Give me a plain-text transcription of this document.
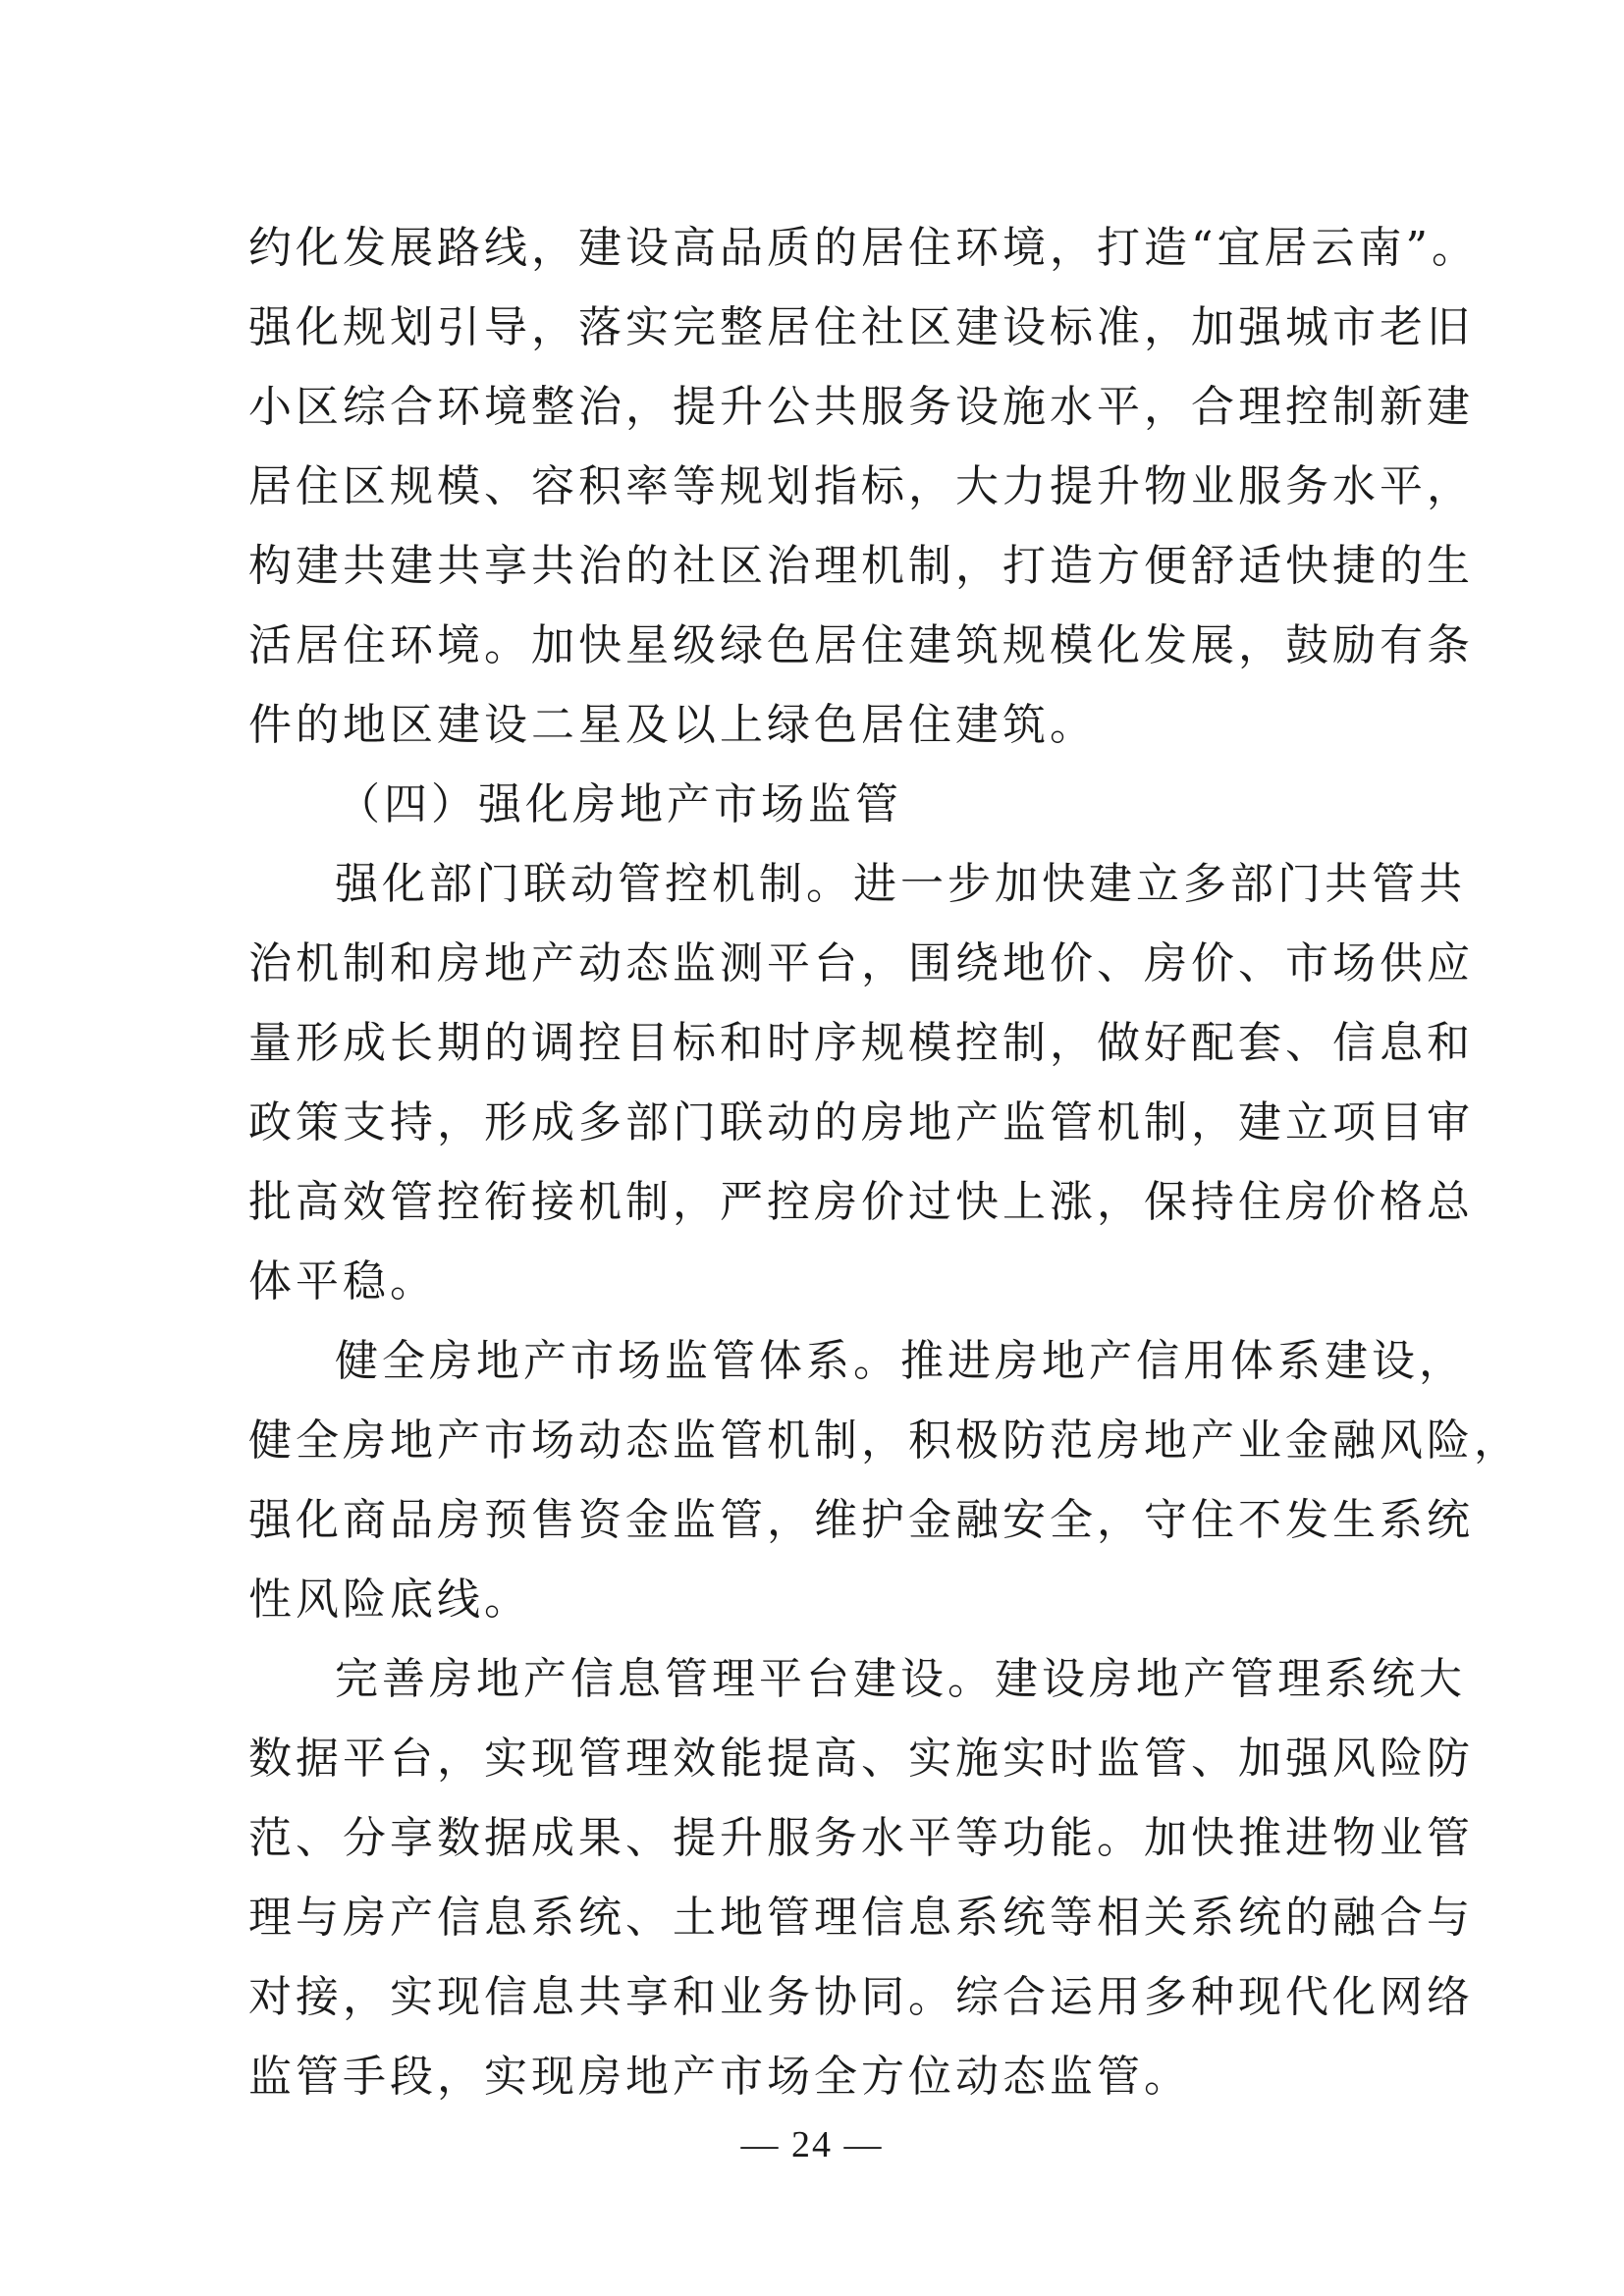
约化发展路线，建设高品质的居住环境，打造“宜居云南”。
强化规划引导，落实完整居住社区建设标准，加强城市老旧
小区综合环境整治，提升公共服务设施水平，合理控制新建
居住区规模、容积率等规划指标，大力提升物业服务水平，
构建共建共享共治的社区治理机制，打造方便舒适快捷的生
活居住环境。加快星级绿色居住建筑规模化发展，鼓励有条
件的地区建设二星及以上绿色居住建筑。
（四）强化房地产市场监管
强化部门联动管控机制。进一步加快建立多部门共管共
治机制和房地产动态监测平台，围绕地价、房价、市场供应
量形成长期的调控目标和时序规模控制，做好配套、信息和
政策支持，形成多部门联动的房地产监管机制，建立项目审
批高效管控衔接机制，严控房价过快上涨，保持住房价格总
体平稳。
健全房地产市场监管体系。推进房地产信用体系建设，
健全房地产市场动态监管机制，积极防范房地产业金融风险，
强化商品房预售资金监管，维护金融安全，守住不发生系统
性风险底线。
完善房地产信息管理平台建设。建设房地产管理系统大
数据平台，实现管理效能提高、实施实时监管、加强风险防
范、分享数据成果、提升服务水平等功能。加快推进物业管
理与房产信息系统、土地管理信息系统等相关系统的融合与
对接，实现信息共享和业务协同。综合运用多种现代化网络
监管手段，实现房地产市场全方位动态监管。
— 24 —
